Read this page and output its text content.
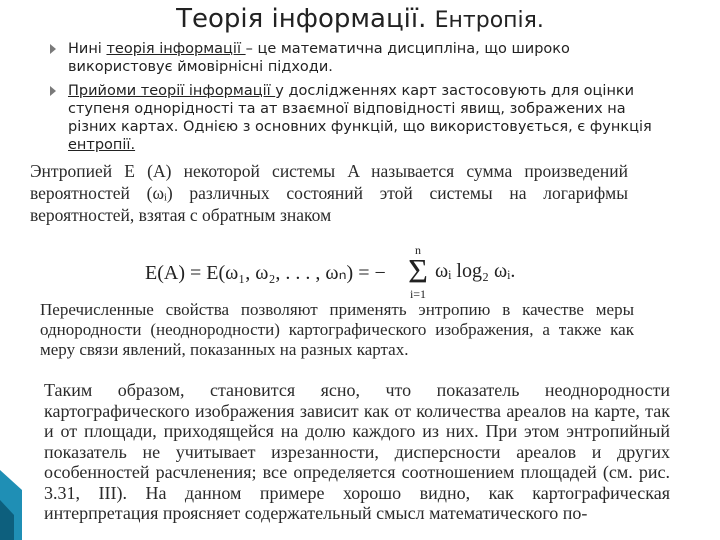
Теорія інформації. Ентропія.
Нині теорія інформації – це математична дисципліна, що широко використовує ймовірнісні підходи.
Прийоми теорії інформації у дослідженнях карт застосовують для оцінки ступеня однорідності та ат взаємної відповідності явищ, зображених на різних картах. Однією з основних функцій, що використовується, є функція ентропії.

Энтропией E (A) некоторой системы A называется сумма произведений вероятностей (ωᵢ) различных состояний этой системы на логарифмы вероятностей, взятая с обратным знаком

E(A) = E(ω₁, ω₂, . . . , ωₙ) = −
n
Σ
i=1
ωᵢ log₂ ωᵢ.

Перечисленные свойства позволяют применять энтропию в качестве меры однородности (неоднородности) картографического изображения, а также как меру связи явлений, показанных на разных картах.

Таким образом, становится ясно, что показатель неоднородности картографического изображения зависит как от количества ареалов на карте, так и от площади, приходящейся на долю каждого из них. При этом энтропийный показатель не учитывает изрезанности, дисперсности ареалов и других особенностей расчленения; все определяется соотношением площадей (см. рис. 3.31, III). На данном примере хорошо видно, как картографическая интерпретация проясняет содержательный смысл математического по-
